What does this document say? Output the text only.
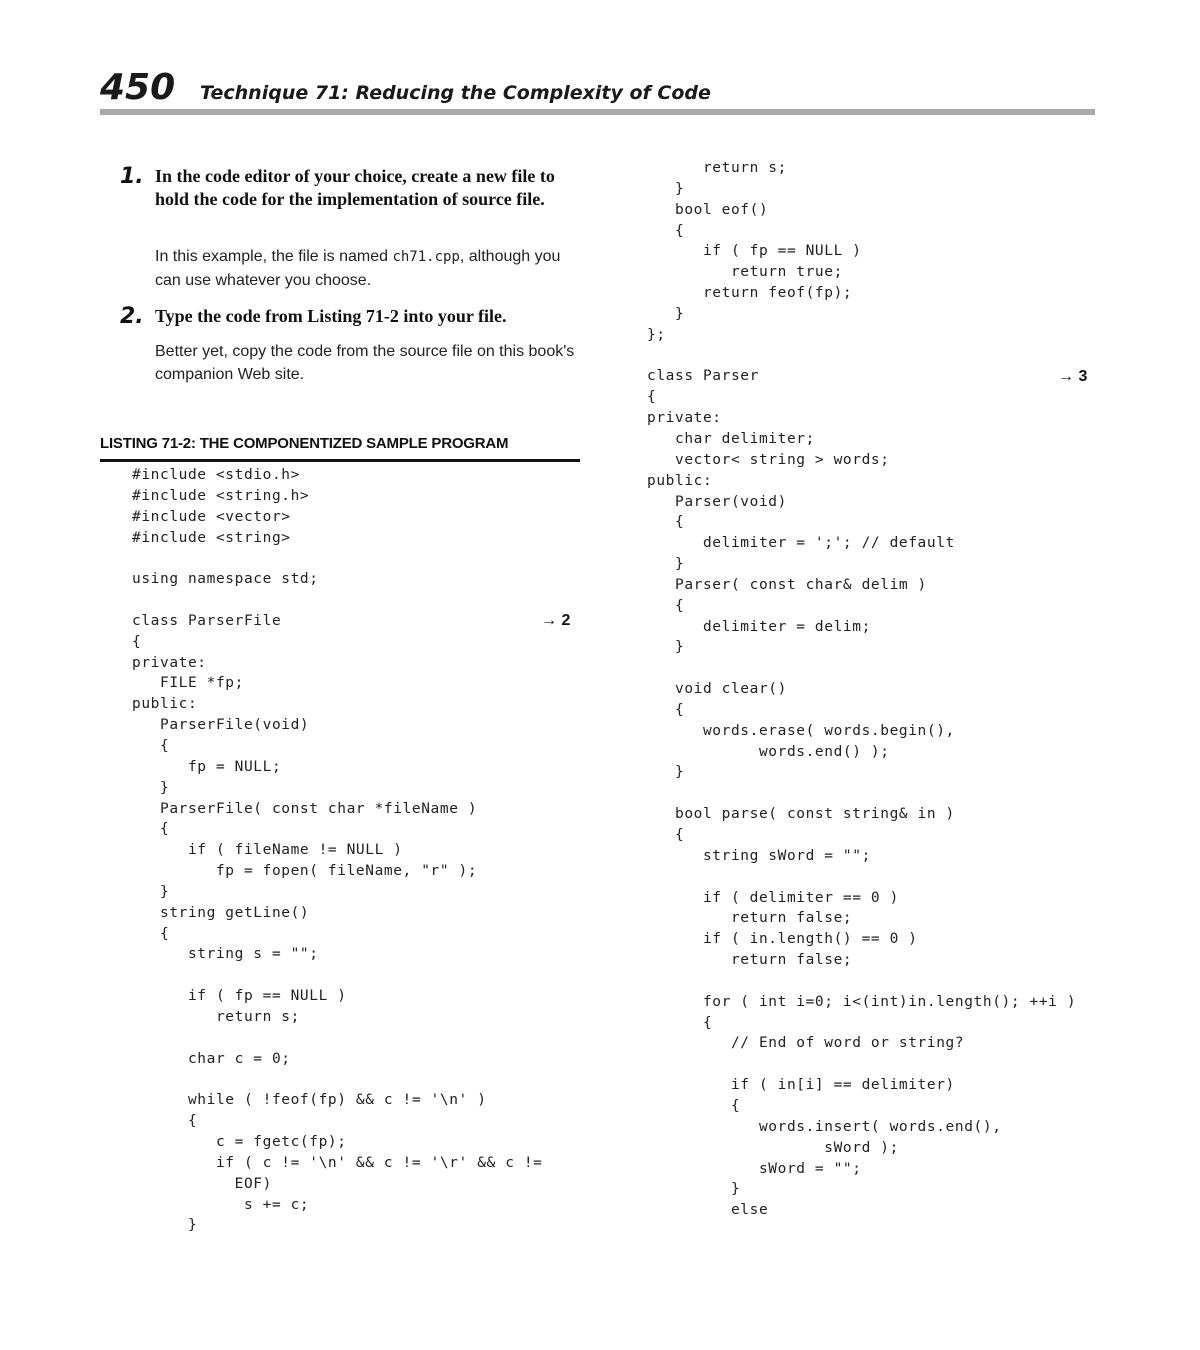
450 Technique 71: Reducing the Complexity of Code
1. In the code editor of your choice, create a new file to hold the code for the implementation of source file.
In this example, the file is named ch71.cpp, although you can use whatever you choose.
2. Type the code from Listing 71-2 into your file.
Better yet, copy the code from the source file on this book's companion Web site.
LISTING 71-2: THE COMPONENTIZED SAMPLE PROGRAM
#include <stdio.h>
#include <string.h>
#include <vector>
#include <string>

using namespace std;

class ParserFile
{
private:
FILE *fp;
public:
ParserFile(void)
{
fp = NULL;
}
ParserFile( const char *fileName )
{
if ( fileName != NULL )
fp = fopen( fileName, "r" );
}
string getLine()
{
string s = "";

if ( fp == NULL )
return s;

char c = 0;

while ( !feof(fp) && c != '\n' )
{
c = fgetc(fp);
if ( c != '\n' && c != '\r' && c !=
EOF)
s += c;
}
→ 2
return s;
}
bool eof()
{
if ( fp == NULL )
return true;
return feof(fp);
}
};

class Parser
{
private:
char delimiter;
vector< string > words;
public:
Parser(void)
{
delimiter = ';'; // default
}
Parser( const char& delim )
{
delimiter = delim;
}

void clear()
{
words.erase( words.begin(),
words.end() );
}

bool parse( const string& in )
{
string sWord = "";

if ( delimiter == 0 )
return false;
if ( in.length() == 0 )
return false;

for ( int i=0; i<(int)in.length(); ++i )
{
// End of word or string?

if ( in[i] == delimiter)
{
words.insert( words.end(),
sWord );
sWord = "";
}
else
→ 3
